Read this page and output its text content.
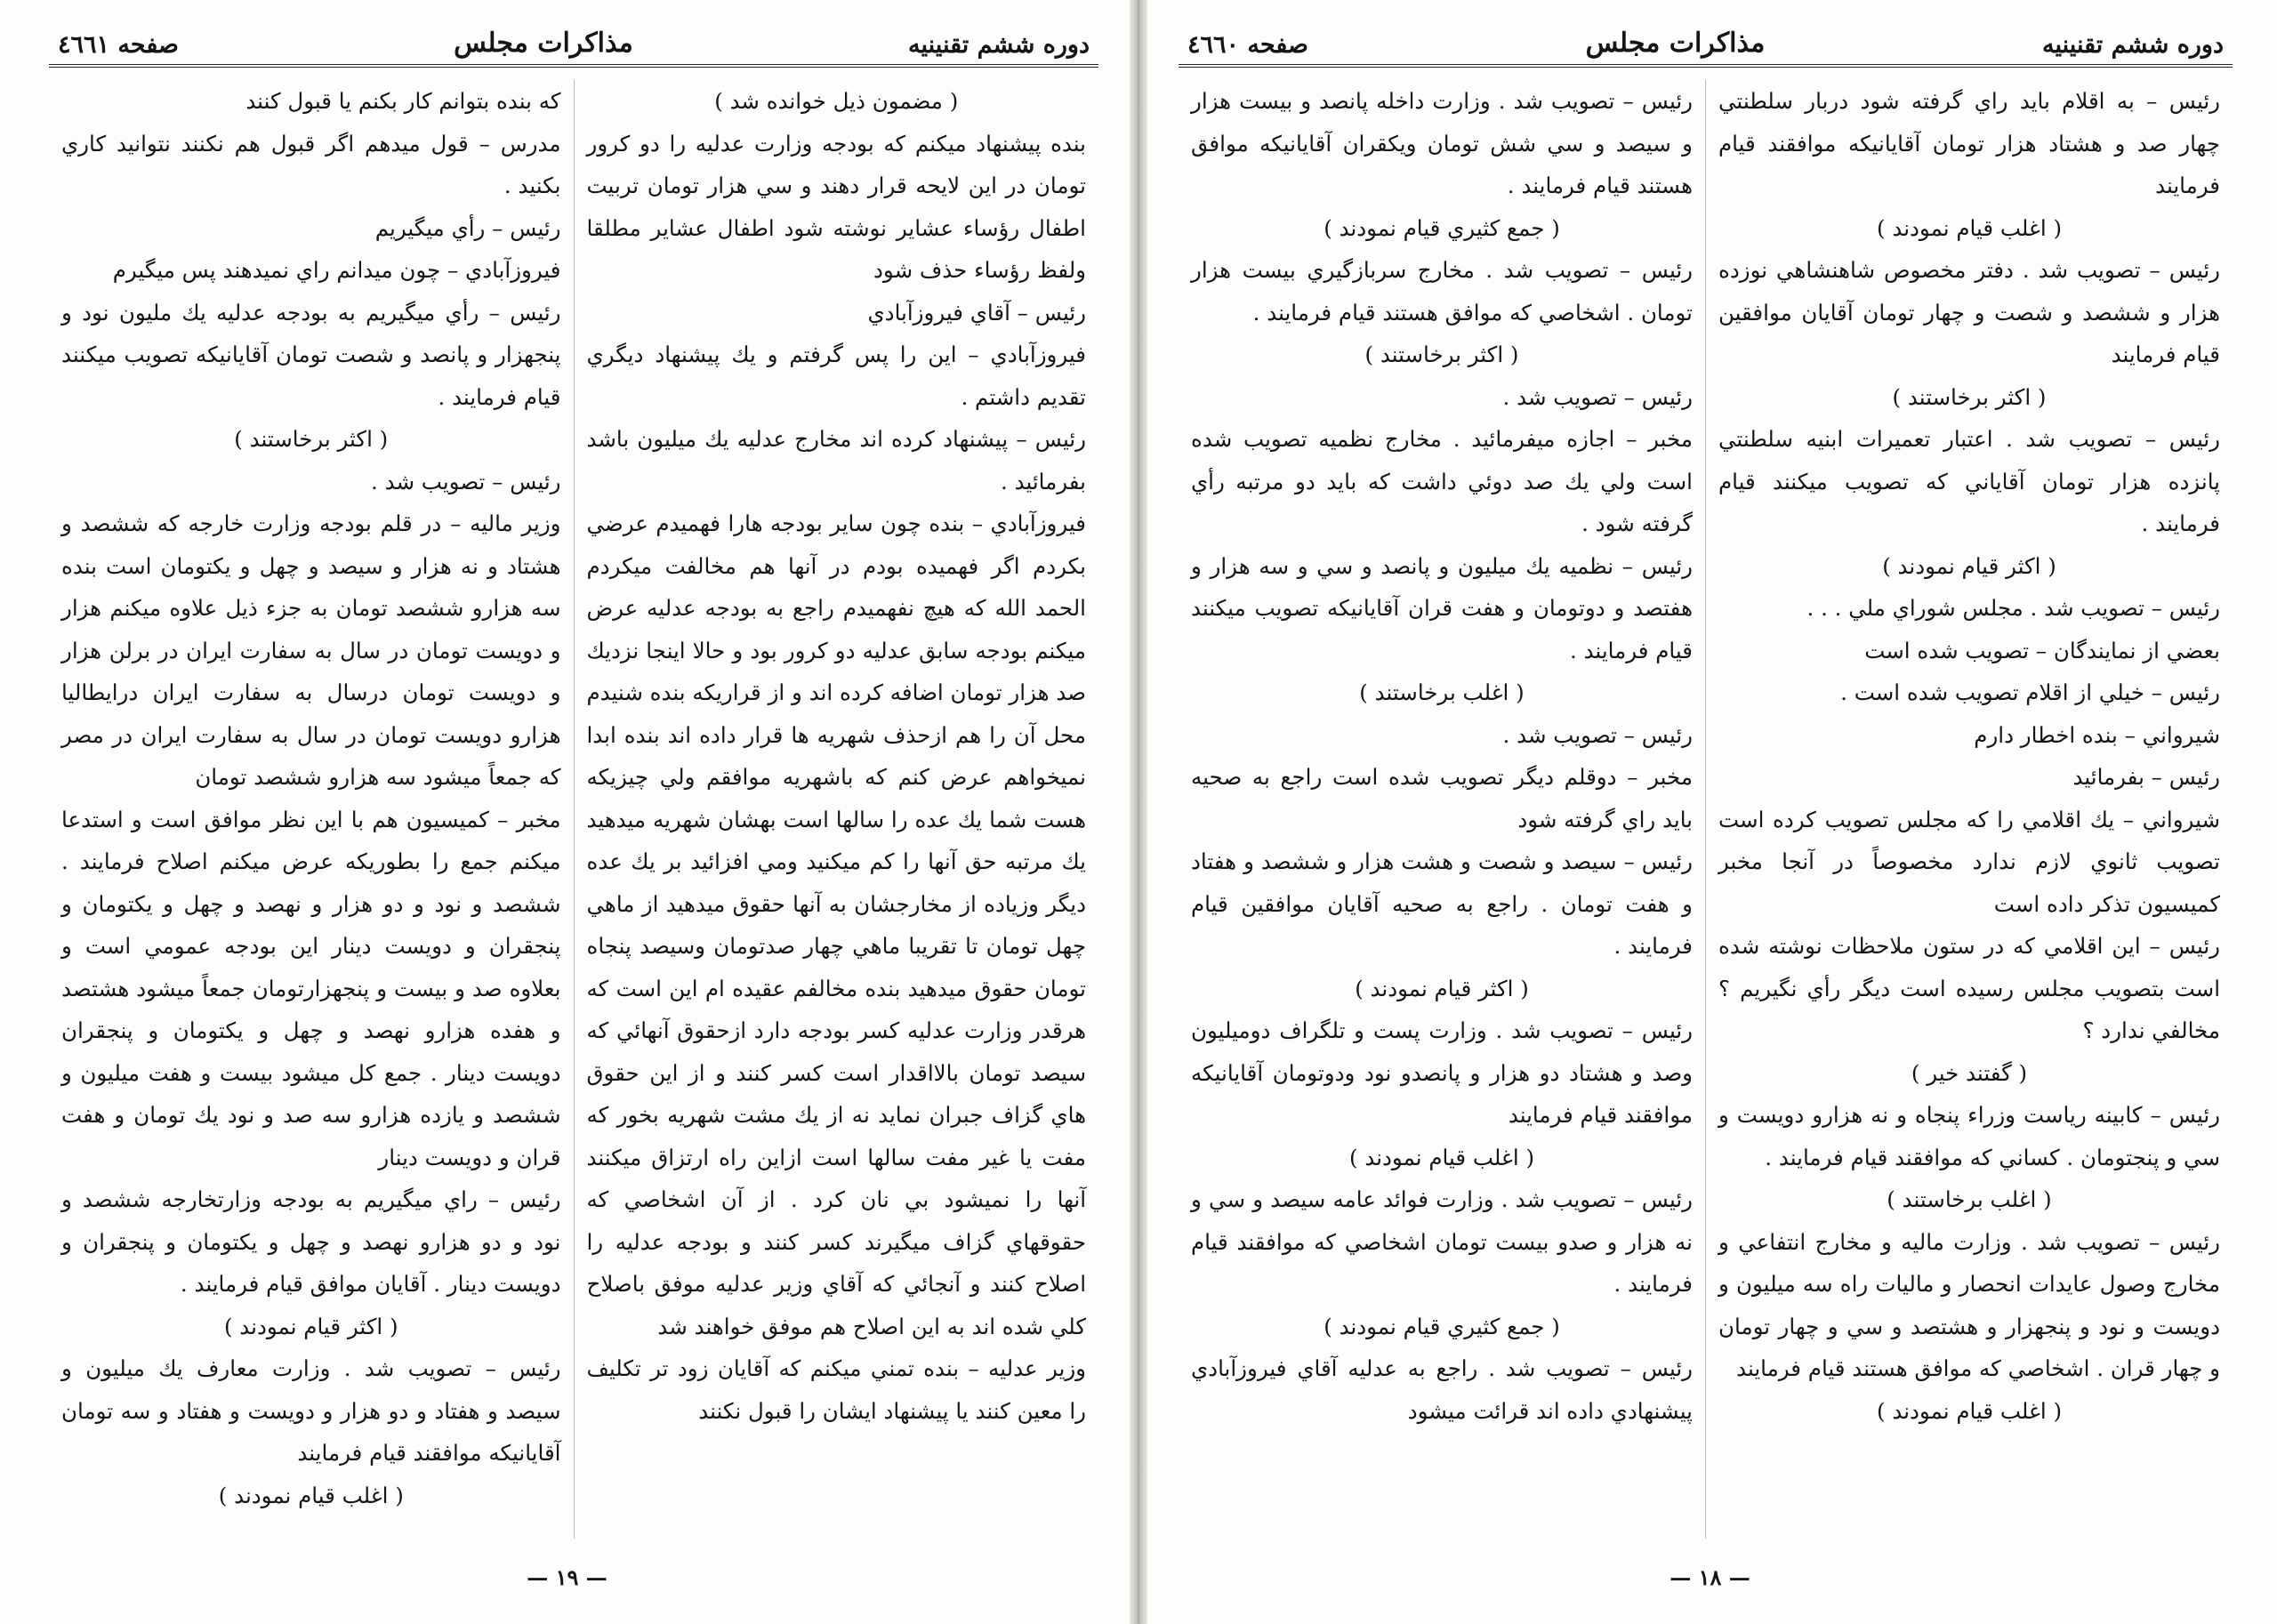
دوره ششم تقنينيه
مذاكرات مجلس
صفحه ٤٦٦١

( مضمون ذيل خوانده شد )

بنده پيشنهاد ميكنم كه بودجه وزارت عدليه را دو كرور تومان در اين لايحه قرار دهند و سي هزار تومان تربيت اطفال رؤساء عشاير نوشته شود اطفال عشاير مطلقا ولفظ رؤساء حذف شود

رئيس – آقاي فيروزآبادي

فيروزآبادي – اين را پس گرفتم و يك پيشنهاد ديگري تقديم داشتم .

رئيس – پيشنهاد كرده اند مخارج عدليه يك ميليون باشد بفرمائيد .

فيروزآبادي – بنده چون ساير بودجه هارا فهميدم عرضي بكردم اگر فهميده بودم در آنها هم مخالفت ميكردم الحمد الله كه هيچ نفهميدم راجع به بودجه عدليه عرض ميكنم بودجه سابق عدليه دو كرور بود و حالا اينجا نزديك صد هزار تومان اضافه كرده اند و از قراريكه بنده شنيدم محل آن را هم ازحذف شهريه ها قرار داده اند بنده ابدا نميخواهم عرض كنم كه باشهريه موافقم ولي چيزيكه هست شما يك عده را سالها است بهشان شهريه ميدهيد يك مرتبه حق آنها را كم ميكنيد ومي افزائيد بر يك عده ديگر وزياده از مخارجشان به آنها حقوق ميدهيد از ماهي چهل تومان تا تقريبا ماهي چهار صدتومان وسيصد پنجاه تومان حقوق ميدهيد بنده مخالفم عقيده ام اين است كه هرقدر وزارت عدليه كسر بودجه دارد ازحقوق آنهائي كه سيصد تومان بالااقدار است كسر كنند و از اين حقوق هاي گزاف جبران نمايد نه از يك مشت شهريه بخور كه مفت يا غير مفت سالها است ازاين راه ارتزاق ميكنند آنها را نميشود بي نان كرد . از آن اشخاصي كه حقوقهاي گزاف ميگيرند كسر كنند و بودجه عدليه را اصلاح كنند و آنجائي كه آقاي وزير عدليه موفق باصلاح كلي شده اند به اين اصلاح هم موفق خواهند شد

وزير عدليه – بنده تمني ميكنم كه آقايان زود تر تكليف را معين كنند يا پيشنهاد ايشان را قبول نكنند

كه بنده بتوانم كار بكنم يا قبول كنند

مدرس – قول ميدهم اگر قبول هم نكنند نتوانيد كاري بكنيد .

رئيس – رأي ميگيريم

فيروزآبادي – چون ميدانم راي نميدهند پس ميگيرم

رئيس – رأي ميگيريم به بودجه عدليه يك مليون نود و پنجهزار و پانصد و شصت تومان آقايانيكه تصويب ميكنند قيام فرمايند .

( اكثر برخاستند )

رئيس – تصويب شد .

وزير ماليه – در قلم بودجه وزارت خارجه كه ششصد و هشتاد و نه هزار و سيصد و چهل و يكتومان است بنده سه هزارو ششصد تومان به جزء ذيل علاوه ميكنم هزار و دويست تومان در سال به سفارت ايران در برلن هزار و دويست تومان درسال به سفارت ايران درايطاليا هزارو دويست تومان در سال به سفارت ايران در مصر كه جمعاً ميشود سه هزارو ششصد تومان

مخبر – كميسيون هم با اين نظر موافق است و استدعا ميكنم جمع را بطوريكه عرض ميكنم اصلاح فرمايند . ششصد و نود و دو هزار و نهصد و چهل و يكتومان و پنجقران و دويست دينار اين بودجه عمومي است و بعلاوه صد و بيست و پنجهزارتومان جمعاً ميشود هشتصد و هفده هزارو نهصد و چهل و يكتومان و پنجقران دويست دينار . جمع كل ميشود بيست و هفت ميليون و ششصد و يازده هزارو سه صد و نود يك تومان و هفت قران و دويست دينار

رئيس – راي ميگيريم به بودجه وزارتخارجه ششصد و نود و دو هزارو نهصد و چهل و يكتومان و پنجقران و دويست دينار . آقايان موافق قيام فرمايند .

( اكثر قيام نمودند )

رئيس – تصويب شد . وزارت معارف يك ميليون و سيصد و هفتاد و دو هزار و دويست و هفتاد و سه تومان آقايانيكه موافقند قيام فرمايند

( اغلب قيام نمودند )

— ١٩ —
دوره ششم تقنينيه
مذاكرات مجلس
صفحه ٤٦٦٠

رئيس – به اقلام بايد راي گرفته شود دربار سلطنتي چهار صد و هشتاد هزار تومان آقايانيكه موافقند قيام فرمايند

( اغلب قيام نمودند )

رئيس – تصويب شد . دفتر مخصوص شاهنشاهي نوزده هزار و ششصد و شصت و چهار تومان آقايان موافقين قيام فرمايند

( اكثر برخاستند )

رئيس – تصويب شد . اعتبار تعميرات ابنيه سلطنتي پانزده هزار تومان آقاياني كه تصويب ميكنند قيام فرمايند .

( اكثر قيام نمودند )

رئيس – تصويب شد . مجلس شوراي ملي . . .

بعضي از نمايندگان – تصويب شده است

رئيس – خيلي از اقلام تصويب شده است .

شيرواني – بنده اخطار دارم

رئيس – بفرمائيد

شيرواني – يك اقلامي را كه مجلس تصويب كرده است تصويب ثانوي لازم ندارد مخصوصاً در آنجا مخبر كميسيون تذكر داده است

رئيس – اين اقلامي كه در ستون ملاحظات نوشته شده است بتصويب مجلس رسيده است ديگر رأي نگيريم ؟ مخالفي ندارد ؟

( گفتند خير )

رئيس – كابينه رياست وزراء پنجاه و نه هزارو دويست و سي و پنجتومان . كساني كه موافقند قيام فرمايند .

( اغلب برخاستند )

رئيس – تصويب شد . وزارت ماليه و مخارج انتفاعي و مخارج وصول عايدات انحصار و ماليات راه سه ميليون و دويست و نود و پنجهزار و هشتصد و سي و چهار تومان و چهار قران . اشخاصي كه موافق هستند قيام فرمايند

( اغلب قيام نمودند )

رئيس – تصويب شد . وزارت داخله پانصد و بيست هزار و سيصد و سي شش تومان ويكقران آقايانيكه موافق هستند قيام فرمايند .

( جمع كثيري قيام نمودند )

رئيس – تصويب شد . مخارج سربازگيري بيست هزار تومان . اشخاصي كه موافق هستند قيام فرمايند .

( اكثر برخاستند )

رئيس – تصويب شد .

مخبر – اجازه ميفرمائيد . مخارج نظميه تصويب شده است ولي يك صد دوئي داشت كه بايد دو مرتبه رأي گرفته شود .

رئيس – نظميه يك ميليون و پانصد و سي و سه هزار و هفتصد و دوتومان و هفت قران آقايانيكه تصويب ميكنند قيام فرمايند .

( اغلب برخاستند )

رئيس – تصويب شد .

مخبر – دوقلم ديگر تصويب شده است راجع به صحيه بايد راي گرفته شود

رئيس – سيصد و شصت و هشت هزار و ششصد و هفتاد و هفت تومان . راجع به صحيه آقايان موافقين قيام فرمايند .

( اكثر قيام نمودند )

رئيس – تصويب شد . وزارت پست و تلگراف دوميليون وصد و هشتاد دو هزار و پانصدو نود ودوتومان آقايانيكه موافقند قيام فرمايند

( اغلب قيام نمودند )

رئيس – تصويب شد . وزارت فوائد عامه سيصد و سي و نه هزار و صدو بيست تومان اشخاصي كه موافقند قيام فرمايند .

( جمع كثيري قيام نمودند )

رئيس – تصويب شد . راجع به عدليه آقاي فيروزآبادي پيشنهادي داده اند قرائت ميشود

— ١٨ —
